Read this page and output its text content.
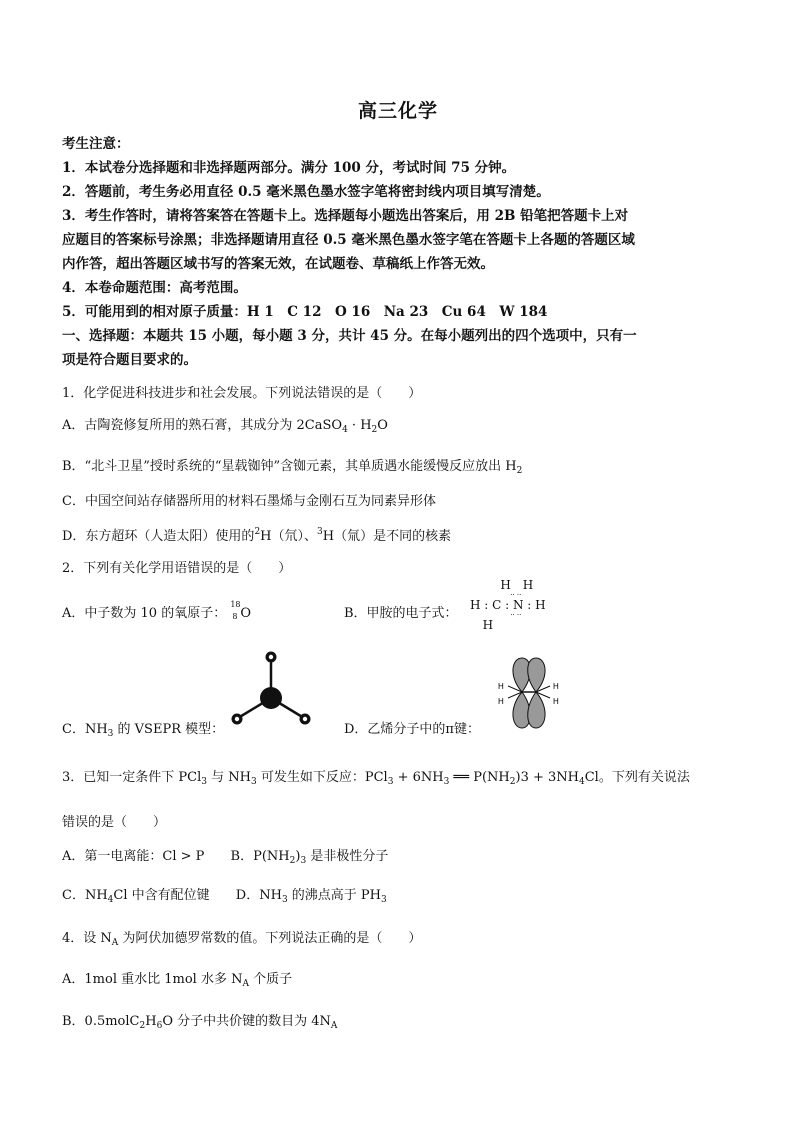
高三化学
考生注意：
1．本试卷分选择题和非选择题两部分。满分 100 分，考试时间 75 分钟。
2．答题前，考生务必用直径 0.5 毫米黑色墨水签字笔将密封线内项目填写清楚。
3．考生作答时，请将答案答在答题卡上。选择题每小题选出答案后，用 2B 铅笔把答题卡上对
应题目的答案标号涂黑；非选择题请用直径 0.5 毫米黑色墨水签字笔在答题卡上各题的答题区域
内作答，超出答题区域书写的答案无效，在试题卷、草稿纸上作答无效。
4．本卷命题范围：高考范围。
5．可能用到的相对原子质量：H 1　C 12　O 16　Na 23　Cu 64　W 184
一、选择题：本题共 15 小题，每小题 3 分，共计 45 分。在每小题列出的四个选项中，只有一
项是符合题目要求的。
1．化学促进科技进步和社会发展。下列说法错误的是（　　）
A．古陶瓷修复所用的熟石膏，其成分为 2CaSO$_4$ · $H_2O$
B．“北斗卫星”授时系统的“星载铷钟”含铷元素，其单质遇水能缓慢反应放出 $H_2$
C．中国空间站存储器所用的材料石墨烯与金刚石互为同素异形体
D．东方超环（人造太阳）使用的$^2$H（氘）、$^3$H（氚）是不同的核素
2．下列有关化学用语错误的是（　　）
A．中子数为 10 的氧原子：
18
8 O	B．甲胺的电子式：
H　H
·· ··
H : C : N : H
·· ··
H
C．$NH_3$ 的 VSEPR 模型：	D．乙烯分子中的π键：
H
H
H
H
3．已知一定条件下 PCl$_3$ 与 $NH_3$ 可发生如下反应：$PCl_3 + 6NH_3$ ══ $P(NH_2)3 + 3NH_4Cl$。下列有关说法
错误的是（　　）
A．第一电离能：Cl > P B．$P(NH_2)_3$ 是非极性分子
C．$NH_4Cl$ 中含有配位键 D．$NH_3$ 的沸点高于 $PH_3$
4．设 $N_A$ 为阿伏加德罗常数的值。下列说法正确的是（　　）
A．1mol 重水比 1mol 水多 $N_A$ 个质子
B．$0.5molC_2H_6O$ 分子中共价键的数目为 $4N_A$
